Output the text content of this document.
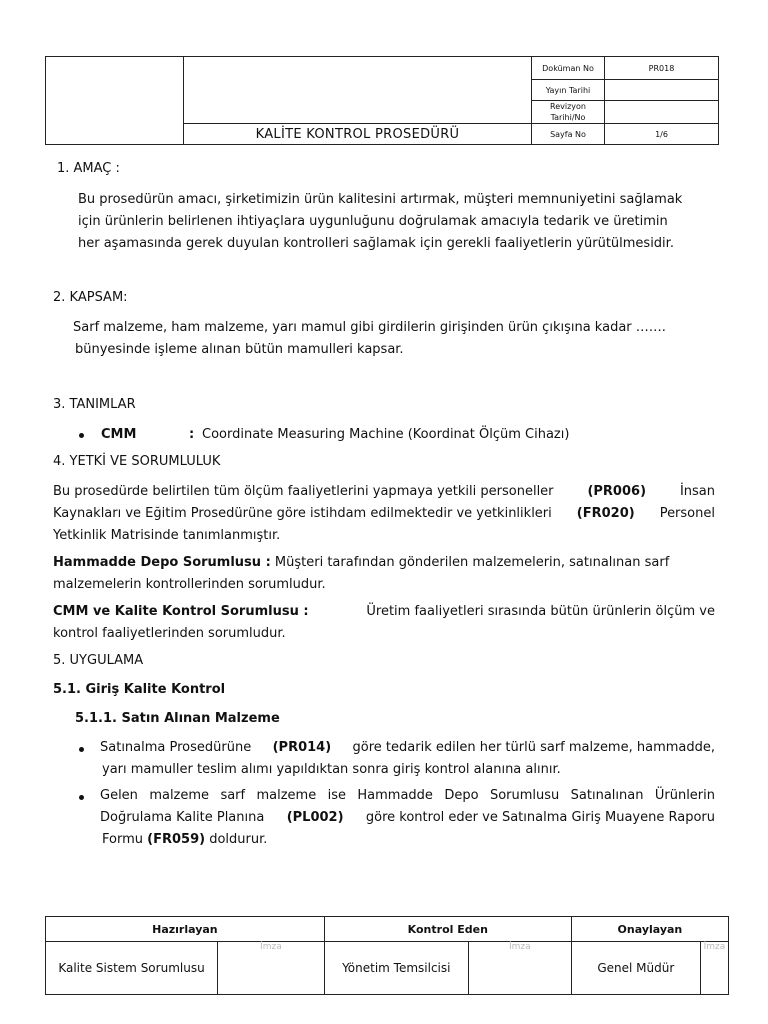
		Doküman No	PR018
		Yayın Tarihi	

		Revizyon
Tarihi/No	

	KALİTE KONTROL PROSEDÜRÜ	Sayfa No	1/6
1. AMAÇ :
Bu prosedürün amacı, şirketimizin ürün kalitesini artırmak, müşteri memnuniyetini sağlamak
için ürünlerin belirlenen ihtiyaçlara uygunluğunu doğrulamak amacıyla tedarik ve üretimin
her aşamasında gerek duyulan kontrolleri sağlamak için gerekli faaliyetlerin yürütülmesidir.
2. KAPSAM:
Sarf malzeme, ham malzeme, yarı mamul gibi girdilerin girişinden ürün çıkışına kadar …….
bünyesinde işleme alınan bütün mamulleri kapsar.
3. TANIMLAR
CMM	: Coordinate Measuring Machine (Koordinat Ölçüm Cihazı)
4. YETKİ VE SORUMLULUK
Bu prosedürde belirtilen tüm ölçüm faaliyetlerini yapmaya yetkili personeller	(PR006)	İnsan
Kaynakları ve Eğitim Prosedürüne göre istihdam edilmektedir ve yetkinlikleri (FR020) Personel
Yetkinlik Matrisinde tanımlanmıştır.
Hammadde Depo Sorumlusu : Müşteri tarafından gönderilen malzemelerin, satınalınan sarf
malzemelerin kontrollerinden sorumludur.
CMM ve Kalite Kontrol Sorumlusu :	Üretim faaliyetleri sırasında bütün ürünlerin ölçüm ve
kontrol faaliyetlerinden sorumludur.
5. UYGULAMA
5.1. Giriş Kalite Kontrol
5.1.1. Satın Alınan Malzeme
Satınalma Prosedürüne (PR014) göre tedarik edilen her türlü sarf malzeme, hammadde,
yarı mamuller teslim alımı yapıldıktan sonra giriş kontrol alanına alınır.
Gelen malzeme sarf malzeme ise Hammadde Depo Sorumlusu Satınalınan Ürünlerin
Doğrulama Kalite Planına (PL002) göre kontrol eder ve Satınalma Giriş Muayene Raporu
Formu (FR059) doldurur.
Hazırlayan		Kontrol Eden		Onaylayan	
Kalite Sistem Sorumlusu	İmza	Yönetim Temsilcisi	İmza	Genel Müdür	İmza
